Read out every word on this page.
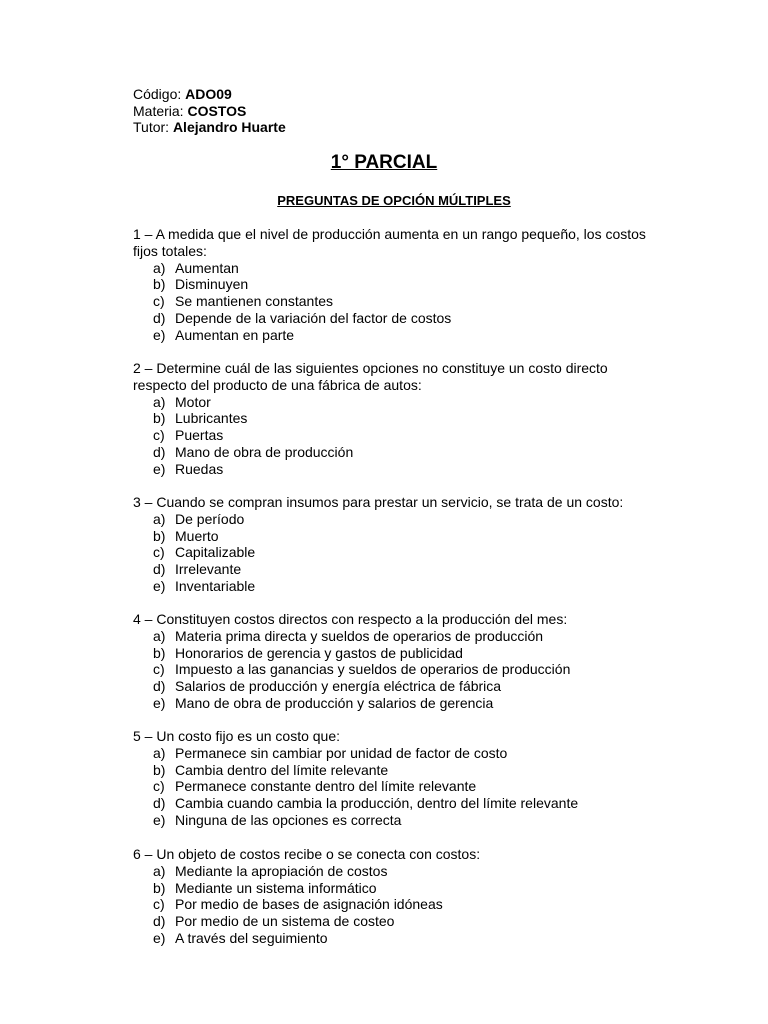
Código: ADO09
Materia: COSTOS
Tutor: Alejandro Huarte
1° PARCIAL
PREGUNTAS DE OPCIÓN MÚLTIPLES

1 – A medida que el nivel de producción aumenta en un rango pequeño, los costos fijos totales:

a) Aumentan
b) Disminuyen
c) Se mantienen constantes
d) Depende de la variación del factor de costos
e) Aumentan en parte

2 – Determine cuál de las siguientes opciones no constituye un costo directo respecto del producto de una fábrica de autos:

a) Motor
b) Lubricantes
c) Puertas
d) Mano de obra de producción
e) Ruedas

3 – Cuando se compran insumos para prestar un servicio, se trata de un costo:

a) De período
b) Muerto
c) Capitalizable
d) Irrelevante
e) Inventariable

4 – Constituyen costos directos con respecto a la producción del mes:

a) Materia prima directa y sueldos de operarios de producción
b) Honorarios de gerencia y gastos de publicidad
c) Impuesto a las ganancias y sueldos de operarios de producción
d) Salarios de producción y energía eléctrica de fábrica
e) Mano de obra de producción y salarios de gerencia

5 – Un costo fijo es un costo que:

a) Permanece sin cambiar por unidad de factor de costo
b) Cambia dentro del límite relevante
c) Permanece constante dentro del límite relevante
d) Cambia cuando cambia la producción, dentro del límite relevante
e) Ninguna de las opciones es correcta

6 – Un objeto de costos recibe o se conecta con costos:

a) Mediante la apropiación de costos
b) Mediante un sistema informático
c) Por medio de bases de asignación idóneas
d) Por medio de un sistema de costeo
e) A través del seguimiento
